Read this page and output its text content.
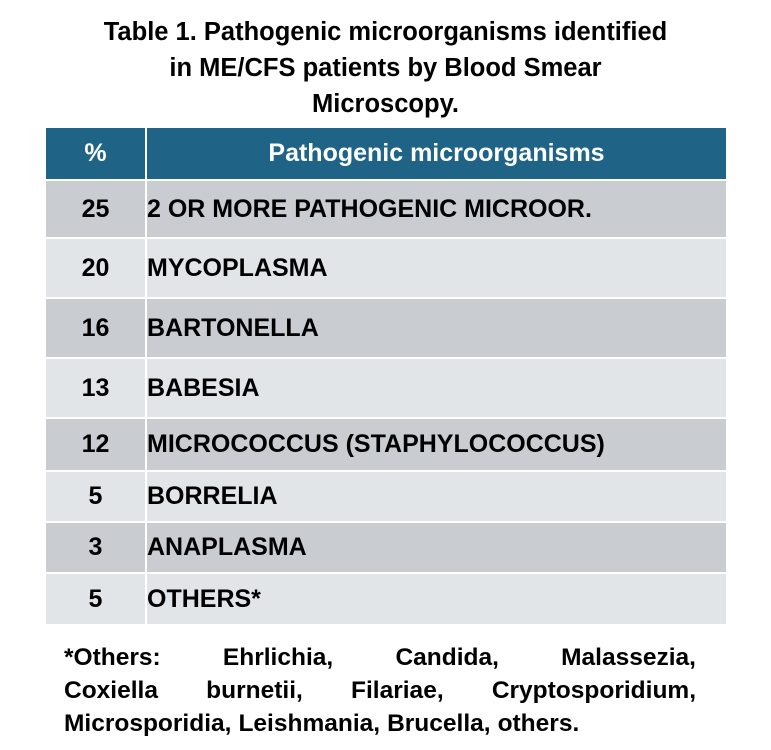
Table 1. Pathogenic microorganisms identified
in ME/CFS patients by Blood Smear
Microscopy.
%	Pathogenic microorganisms
25	2 OR MORE PATHOGENIC MICROOR.
20	MYCOPLASMA
16	BARTONELLA
13	BABESIA
12	MICROCOCCUS (STAPHYLOCOCCUS)
5	BORRELIA
3	ANAPLASMA
5	OTHERS*
*Others:	Ehrlichia,	Candida,	Malassezia,
Coxiella burnetii, Filariae, Cryptosporidium,
Microsporidia, Leishmania, Brucella, others.
